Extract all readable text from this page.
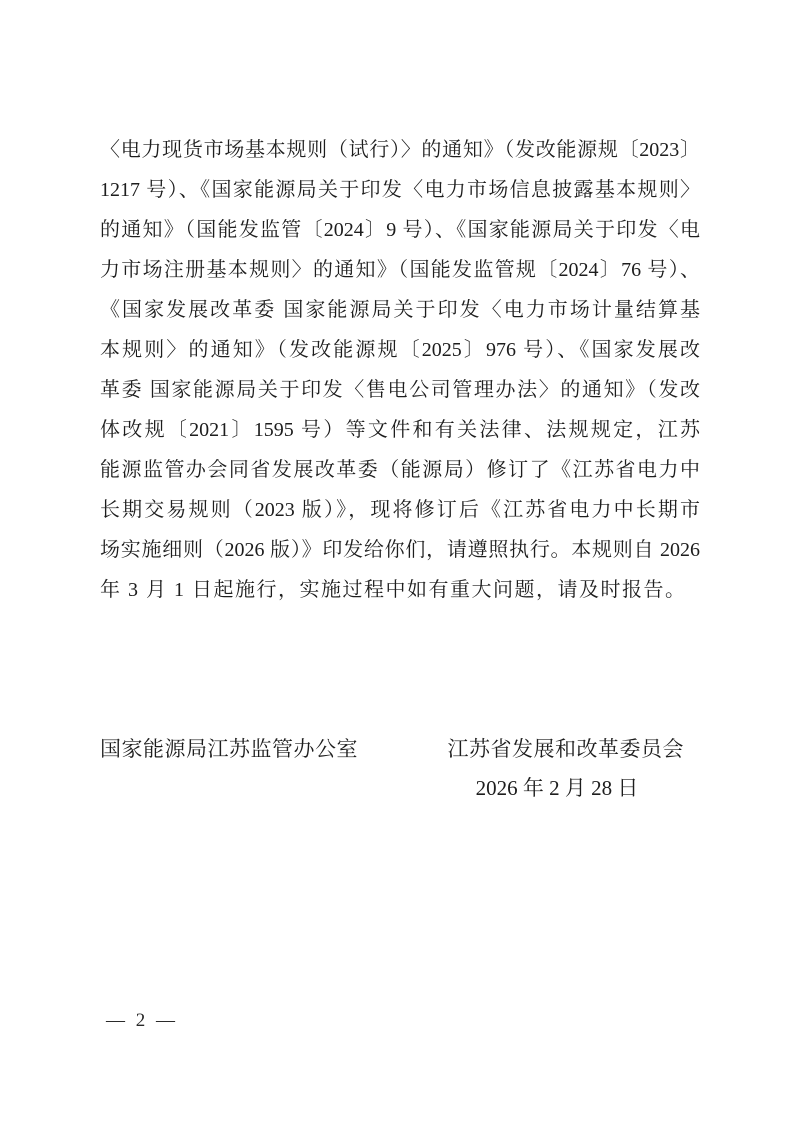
〈电力现货市场基本规则（试行）〉的通知》（发改能源规〔2023〕
1217 号）、《国家能源局关于印发〈电力市场信息披露基本规则〉
的通知》（国能发监管〔2024〕9 号）、《国家能源局关于印发〈电
力市场注册基本规则〉的通知》（国能发监管规〔2024〕76 号）、
《国家发展改革委 国家能源局关于印发〈电力市场计量结算基
本规则〉的通知》（发改能源规〔2025〕976 号）、《国家发展改
革委 国家能源局关于印发〈售电公司管理办法〉的通知》（发改
体改规〔2021〕1595 号）等文件和有关法律、法规规定，江苏
能源监管办会同省发展改革委（能源局）修订了《江苏省电力中
长期交易规则（2023 版）》，现将修订后《江苏省电力中长期市
场实施细则（2026 版）》印发给你们，请遵照执行。本规则自 2026
年 3 月 1 日起施行，实施过程中如有重大问题，请及时报告。
国家能源局江苏监管办公室	江苏省发展和改革委员会
2026 年 2 月 28 日
— 2 —
